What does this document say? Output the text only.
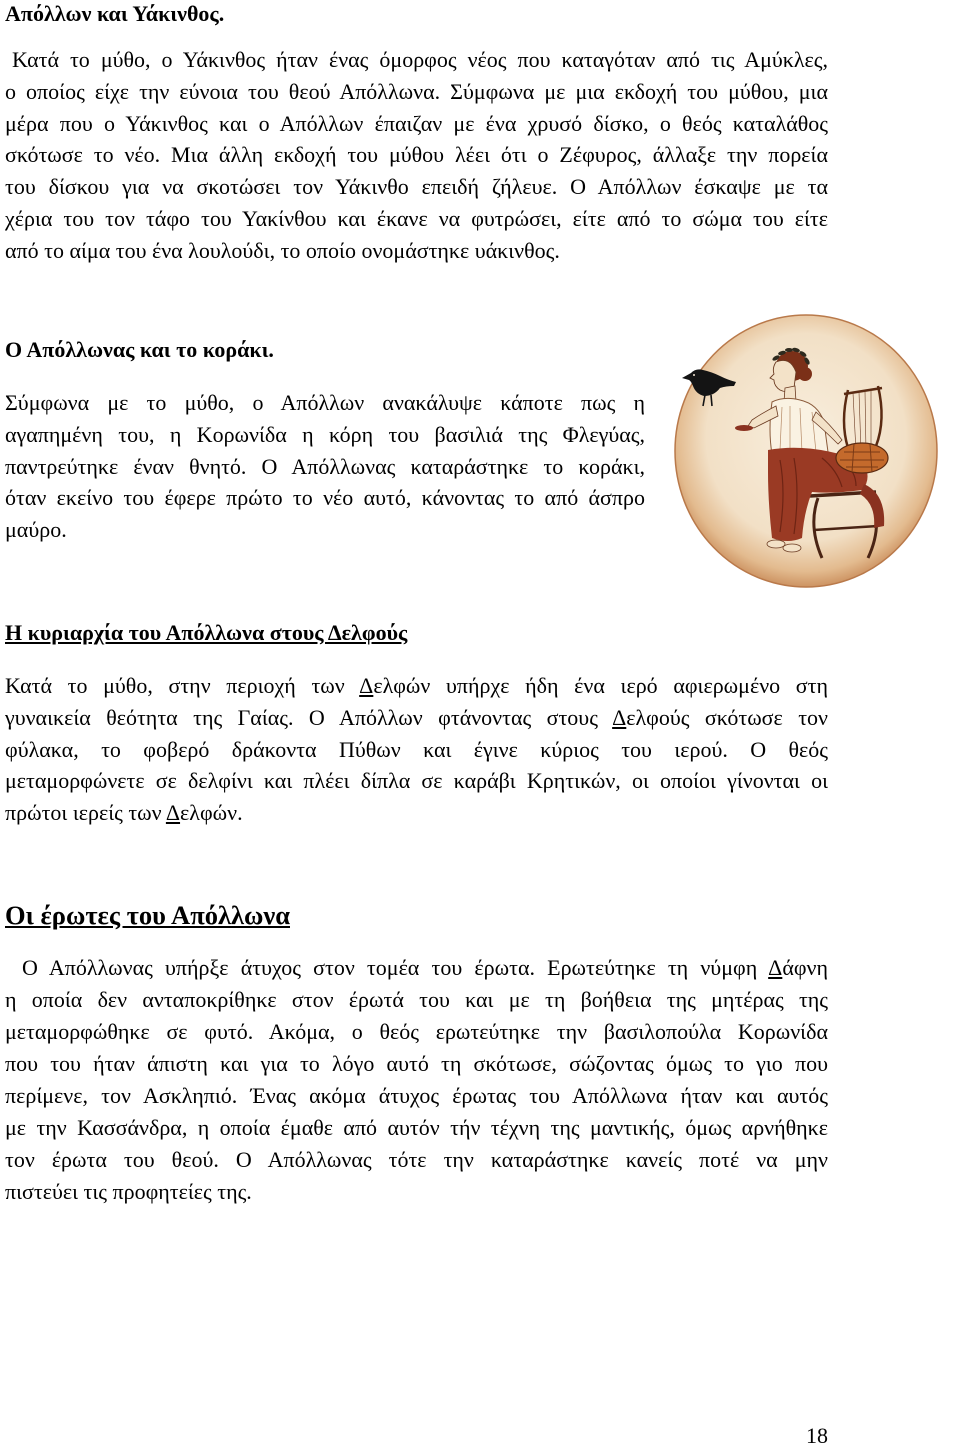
Απόλλων και Υάκινθος.
Κατά το μύθο, ο Υάκινθος ήταν ένας όμορφος νέος που καταγόταν από τις Αμύκλες,
ο οποίος είχε την εύνοια του θεού Απόλλωνα. Σύμφωνα με μια εκδοχή του μύθου, μια
μέρα που ο Υάκινθος και ο Απόλλων έπαιζαν με ένα χρυσό δίσκο, ο θεός καταλάθος
σκότωσε το νέο. Μια άλλη εκδοχή του μύθου λέει ότι ο Ζέφυρος, άλλαξε την πορεία
του δίσκου για να σκοτώσει τον Υάκινθο επειδή ζήλευε. Ο Απόλλων έσκαψε με τα
χέρια του τον τάφο του Υακίνθου και έκανε να φυτρώσει, είτε από το σώμα του είτε
από το αίμα του ένα λουλούδι, το οποίο ονομάστηκε υάκινθος.
Ο Απόλλωνας και το κοράκι.
Σύμφωνα με το μύθο, ο Απόλλων ανακάλυψε κάποτε πως η
αγαπημένη του, η Κορωνίδα η κόρη του βασιλιά της Φλεγύας,
παντρεύτηκε έναν θνητό. Ο Απόλλωνας καταράστηκε το κοράκι,
όταν εκείνο του έφερε πρώτο το νέο αυτό, κάνοντας το από άσπρο
μαύρο.
Η κυριαρχία του Απόλλωνα στους Δελφούς
Κατά το μύθο, στην περιοχή των Δελφών υπήρχε ήδη ένα ιερό αφιερωμένο στη
γυναικεία θεότητα της Γαίας. Ο Απόλλων φτάνοντας στους Δελφούς σκότωσε τον
φύλακα, το φοβερό δράκοντα Πύθων και έγινε κύριος του ιερού. Ο θεός
μεταμορφώνετε σε δελφίνι και πλέει δίπλα σε καράβι Κρητικών, οι οποίοι γίνονται οι
πρώτοι ιερείς των Δελφών.
Οι έρωτες του Απόλλωνα
Ο Απόλλωνας υπήρξε άτυχος στον τομέα του έρωτα. Ερωτεύτηκε τη νύμφη Δάφνη
η οποία δεν ανταποκρίθηκε στον έρωτά του και με τη βοήθεια της μητέρας της
μεταμορφώθηκε σε φυτό. Ακόμα, ο θεός ερωτεύτηκε την βασιλοπούλα Κορωνίδα
που του ήταν άπιστη και για το λόγο αυτό τη σκότωσε, σώζοντας όμως το γιο που
περίμενε, τον Ασκληπιό. Ένας ακόμα άτυχος έρωτας του Απόλλωνα ήταν και αυτός
με την Κασσάνδρα, η οποία έμαθε από αυτόν τήν τέχνη της μαντικής, όμως αρνήθηκε
τον έρωτα του θεού. Ο Απόλλωνας τότε την καταράστηκε κανείς ποτέ να μην
πιστεύει τις προφητείες της.
18
